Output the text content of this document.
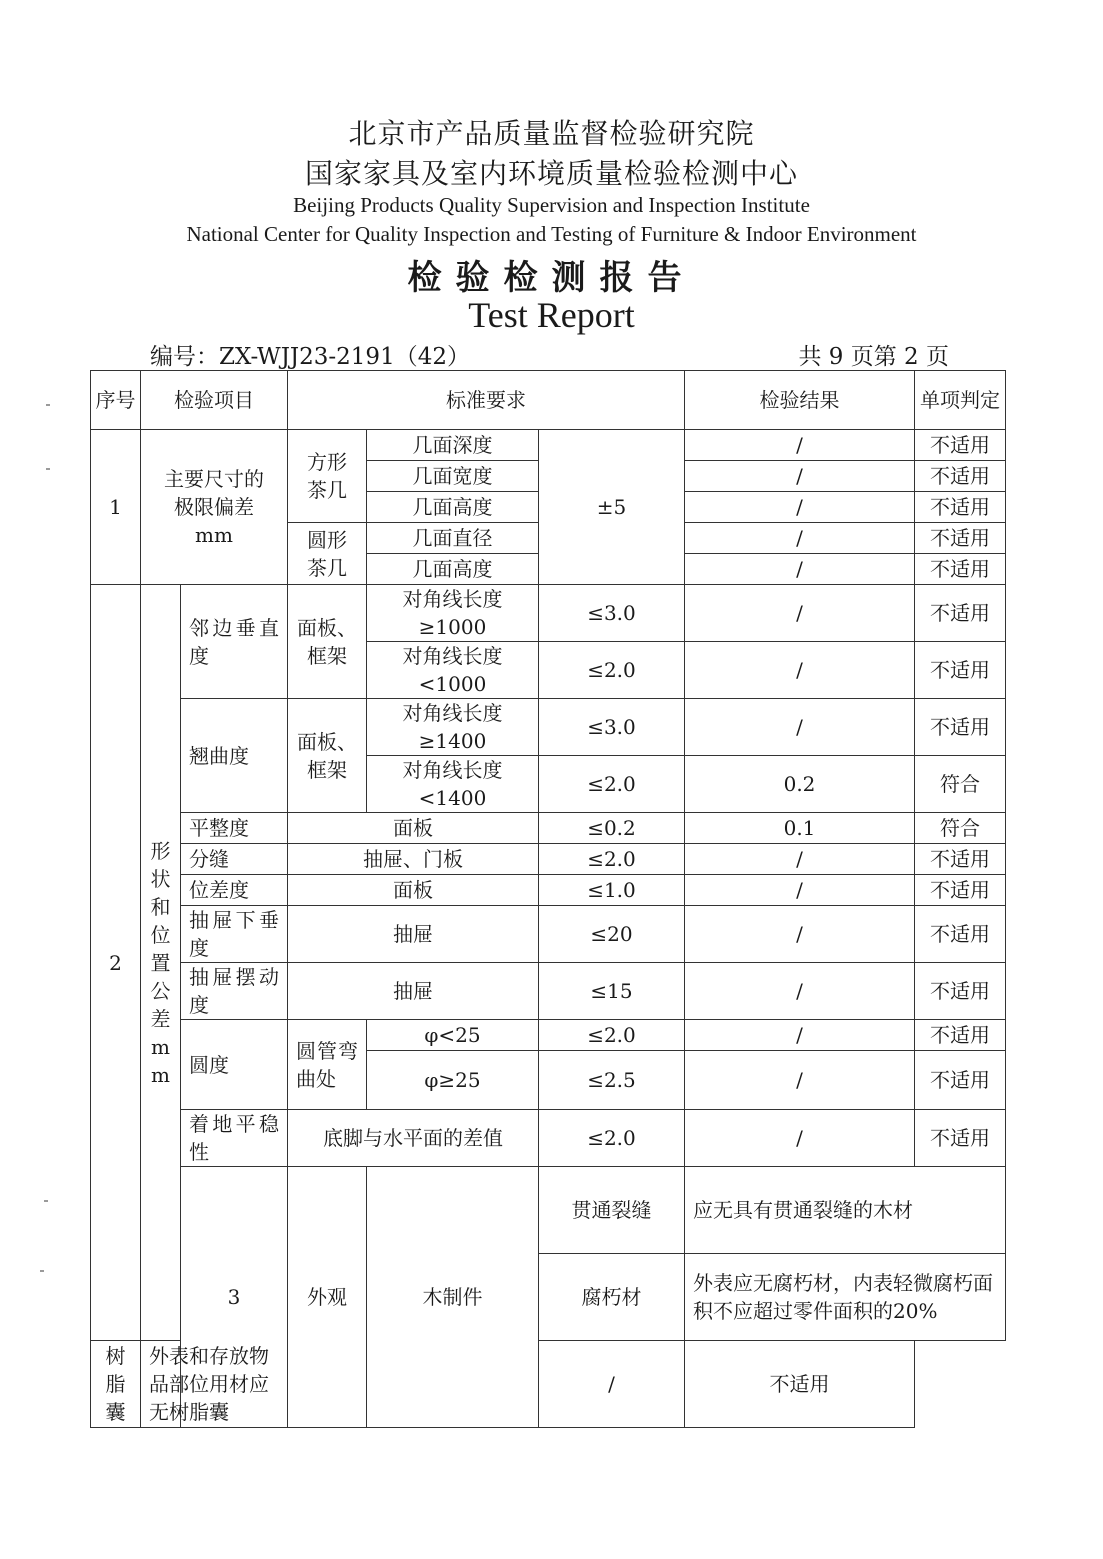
北京市产品质量监督检验研究院
国家家具及室内环境质量检验检测中心
Beijing Products Quality Supervision and Inspection Institute
National Center for Quality Inspection and Testing of Furniture & Indoor Environment
检验检测报告
Test Report
编号：ZX-WJJ23-2191（42）	共 9 页第 2 页
序号	检验项目		标准要求			检验结果	单项判定	
1	主要尺寸的极限偏差mm		方形茶几	几面深度	±5	/	不适用	
				几面宽度		/	不适用	
				几面高度		/	不适用	
			圆形茶几	几面直径		/	不适用	
				几面高度		/	不适用	
2	形状和位置公差mm	邻边垂直度	面板、框架	对角线长度≥1000	≤3.0	/	不适用	
				对角线长度<1000	≤2.0	/	不适用	
		翘曲度	面板、框架	对角线长度≥1400	≤3.0	/	不适用	
				对角线长度<1400	≤2.0	0.2	符合	
		平整度	面板		≤0.2	0.1	符合	
		分缝	抽屉、门板		≤2.0	/	不适用	
		位差度	面板		≤1.0	/	不适用	
		抽屉下垂度	抽屉		≤20	/	不适用	
		抽屉摆动度	抽屉		≤15	/	不适用	
		圆度	圆管弯曲处	φ<25	≤2.0	/	不适用	
				φ≥25	≤2.5	/	不适用	
		着地平稳性	底脚与水平面的差值		≤2.0	/	不适用	
		3	外观	木制件	贯通裂缝	应无具有贯通裂缝的木材		
					腐朽材	外表应无腐朽材，内表轻微腐朽面积不应超过零件面积的20%		
树脂囊	外表和存放物品部位用材应无树脂囊				/	不适用		
